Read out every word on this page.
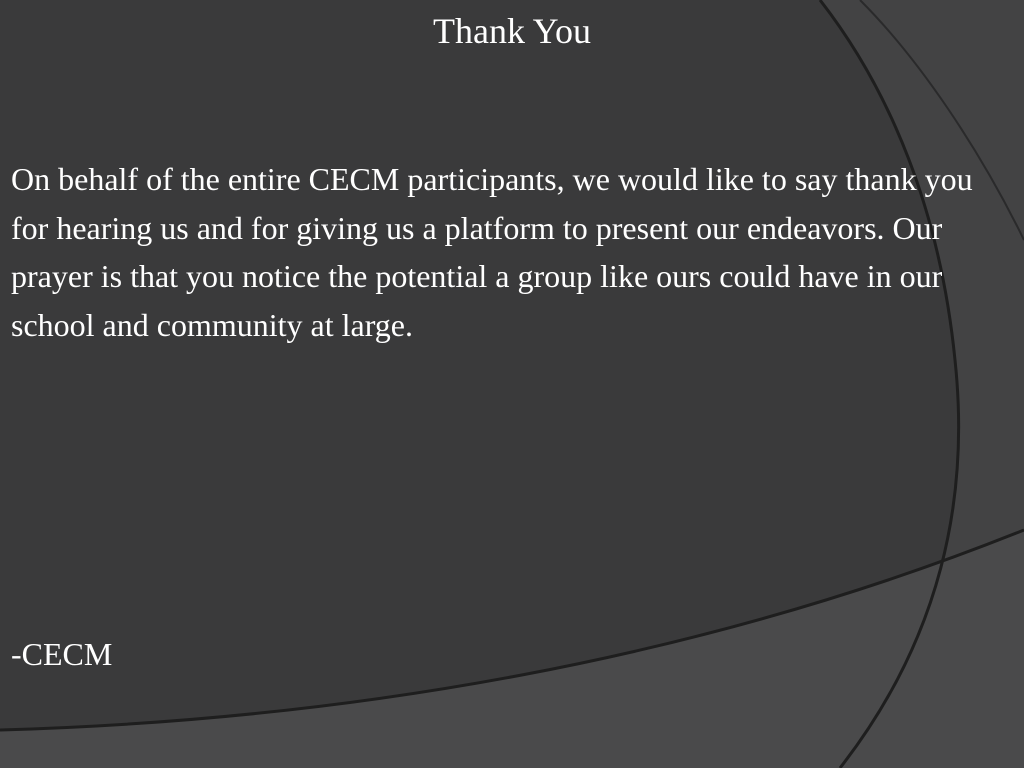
Thank You

On behalf of the entire CECM participants, we would like to say thank you for hearing us and for giving us a platform to present our endeavors. Our prayer is that you notice the potential a group like ours could have in our school and community at large.

-CECM
